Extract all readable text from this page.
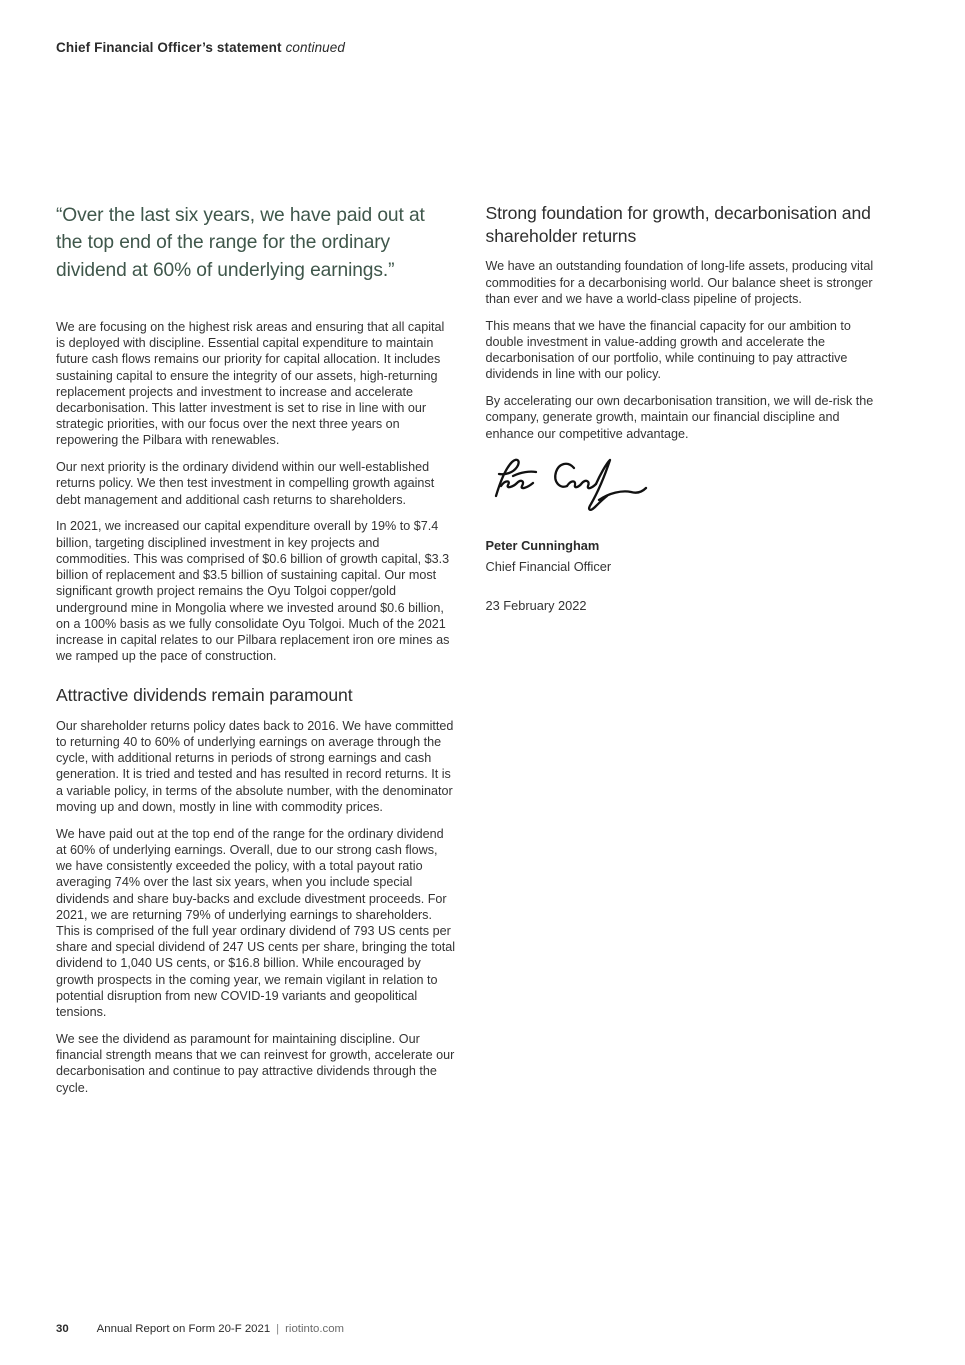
Chief Financial Officer’s statement continued

“Over the last six years, we have paid out at the top end of the range for the ordinary dividend at 60% of underlying earnings.”

We are focusing on the highest risk areas and ensuring that all capital is deployed with discipline. Essential capital expenditure to maintain future cash flows remains our priority for capital allocation. It includes sustaining capital to ensure the integrity of our assets, high-returning replacement projects and investment to increase and accelerate decarbonisation. This latter investment is set to rise in line with our strategic priorities, with our focus over the next three years on repowering the Pilbara with renewables.

Our next priority is the ordinary dividend within our well-established returns policy. We then test investment in compelling growth against debt management and additional cash returns to shareholders.

In 2021, we increased our capital expenditure overall by 19% to $7.4 billion, targeting disciplined investment in key projects and commodities. This was comprised of $0.6 billion of growth capital, $3.3 billion of replacement and $3.5 billion of sustaining capital. Our most significant growth project remains the Oyu Tolgoi copper/gold underground mine in Mongolia where we invested around $0.6 billion, on a 100% basis as we fully consolidate Oyu Tolgoi. Much of the 2021 increase in capital relates to our Pilbara replacement iron ore mines as we ramped up the pace of construction.

Attractive dividends remain paramount

Our shareholder returns policy dates back to 2016. We have committed to returning 40 to 60% of underlying earnings on average through the cycle, with additional returns in periods of strong earnings and cash generation. It is tried and tested and has resulted in record returns. It is a variable policy, in terms of the absolute number, with the denominator moving up and down, mostly in line with commodity prices.

We have paid out at the top end of the range for the ordinary dividend at 60% of underlying earnings. Overall, due to our strong cash flows, we have consistently exceeded the policy, with a total payout ratio averaging 74% over the last six years, when you include special dividends and share buy-backs and exclude divestment proceeds. For 2021, we are returning 79% of underlying earnings to shareholders. This is comprised of the full year ordinary dividend of 793 US cents per share and special dividend of 247 US cents per share, bringing the total dividend to 1,040 US cents, or $16.8 billion. While encouraged by growth prospects in the coming year, we remain vigilant in relation to potential disruption from new COVID-19 variants and geopolitical tensions.

We see the dividend as paramount for maintaining discipline. Our financial strength means that we can reinvest for growth, accelerate our decarbonisation and continue to pay attractive dividends through the cycle.

Strong foundation for growth, decarbonisation and shareholder returns

We have an outstanding foundation of long-life assets, producing vital commodities for a decarbonising world. Our balance sheet is stronger than ever and we have a world-class pipeline of projects.

This means that we have the financial capacity for our ambition to double investment in value-adding growth and accelerate the decarbonisation of our portfolio, while continuing to pay attractive dividends in line with our policy.

By accelerating our own decarbonisation transition, we will de-risk the company, generate growth, maintain our financial discipline and enhance our competitive advantage.

Peter Cunningham
Chief Financial Officer
23 February 2022
30 Annual Report on Form 20-F 2021 | riotinto.com
